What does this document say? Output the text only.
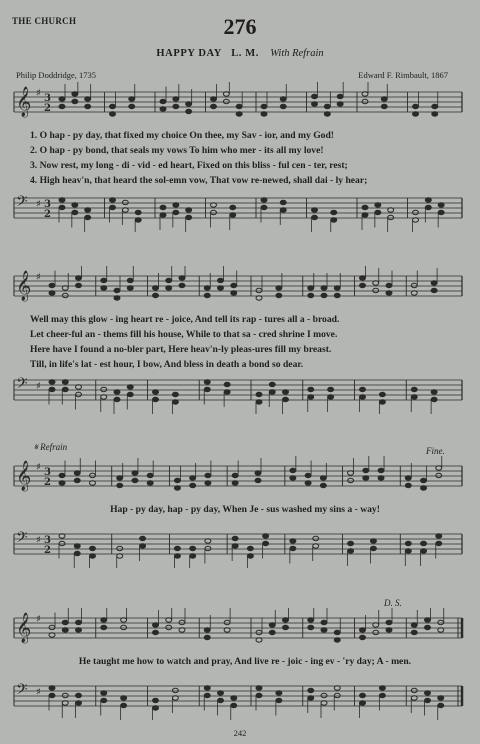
THE CHURCH	276
HAPPY DAY L. M. With Refrain
Philip Doddridge, 1735	Edward F. Rimbault, 1867
𝄞 ♯ 3
2
1. O hap - py day, that fixed my choice On thee, my Sav - ior, and my God!
2. O hap - py bond, that seals my vows To him who mer - its all my love!
3. Now rest, my long - di - vid - ed heart, Fixed on this bliss - ful cen - ter, rest;
4. High heav'n, that heard the sol-emn vow, That vow re-newed, shall dai - ly hear;
𝄢 ♯ 3
2
𝄞 ♯
Well may this glow - ing heart re - joice, And tell its rap - tures all a - broad.
Let cheer-ful an - thems fill his house, While to that sa - cred shrine I move.
Here have I found a no-bler part, Here heav'n-ly pleas-ures fill my breast.
Till, in life's lat - est hour, I bow, And bless in death a bond so dear.
𝄢 ♯
𝄋 Refrain	Fine.
𝄞 ♯ 3
2
Hap - py day, hap - py day, When Je - sus washed my sins a - way!
𝄢 ♯ 3
2
D. S.
𝄞 ♯
He taught me how to watch and pray, And live re - joic - ing ev - 'ry day; A - men.
𝄢 ♯
242
